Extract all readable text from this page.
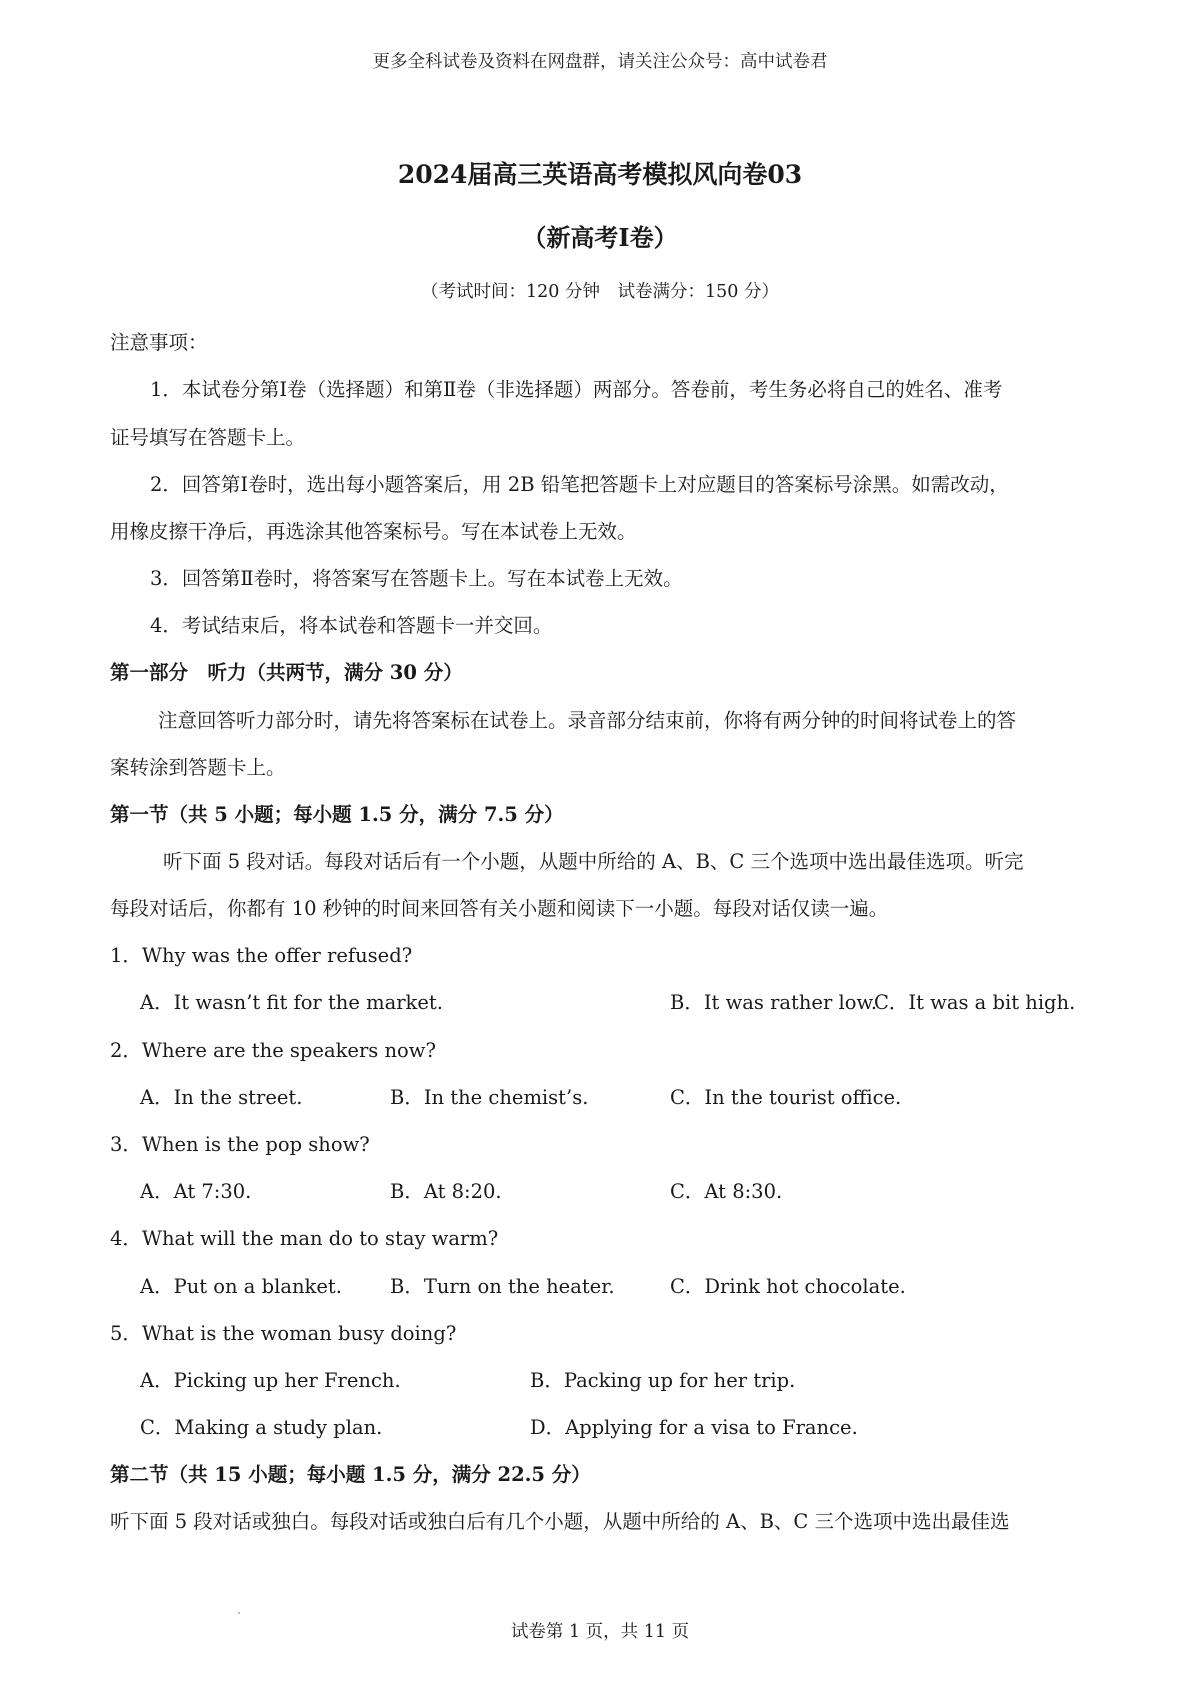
更多全科试卷及资料在网盘群，请关注公众号：高中试卷君
2024届高三英语高考模拟风向卷03
（新高考I卷）
（考试时间：120 分钟　试卷满分：150 分）
注意事项：
1．本试卷分第Ⅰ卷（选择题）和第Ⅱ卷（非选择题）两部分。答卷前，考生务必将自己的姓名、准考
证号填写在答题卡上。
2．回答第Ⅰ卷时，选出每小题答案后，用 2B 铅笔把答题卡上对应题目的答案标号涂黑。如需改动，
用橡皮擦干净后，再选涂其他答案标号。写在本试卷上无效。
3．回答第Ⅱ卷时，将答案写在答题卡上。写在本试卷上无效。
4．考试结束后，将本试卷和答题卡一并交回。
第一部分　听力（共两节，满分 30 分）
注意回答听力部分时，请先将答案标在试卷上。录音部分结束前，你将有两分钟的时间将试卷上的答
案转涂到答题卡上。
第一节（共 5 小题；每小题 1.5 分，满分 7.5 分）
听下面 5 段对话。每段对话后有一个小题，从题中所给的 A、B、C 三个选项中选出最佳选项。听完
每段对话后，你都有 10 秒钟的时间来回答有关小题和阅读下一小题。每段对话仅读一遍。
1．Why was the offer refused?
A．It wasn’t fit for the market.	B．It was rather low.
C．It was a bit high.
2．Where are the speakers now?
A．In the street.	B．In the chemist’s.	C．In the tourist office.
3．When is the pop show?
A．At 7:30.	B．At 8:20.	C．At 8:30.
4．What will the man do to stay warm?
A．Put on a blanket. B．Turn on the heater.	C．Drink hot chocolate.
5．What is the woman busy doing?
A．Picking up her French.	B．Packing up for her trip.
C．Making a study plan.	D．Applying for a visa to France.
第二节（共 15 小题；每小题 1.5 分，满分 22.5 分）
听下面 5 段对话或独白。每段对话或独白后有几个小题，从题中所给的 A、B、C 三个选项中选出最佳选
试卷第 1 页，共 11 页
